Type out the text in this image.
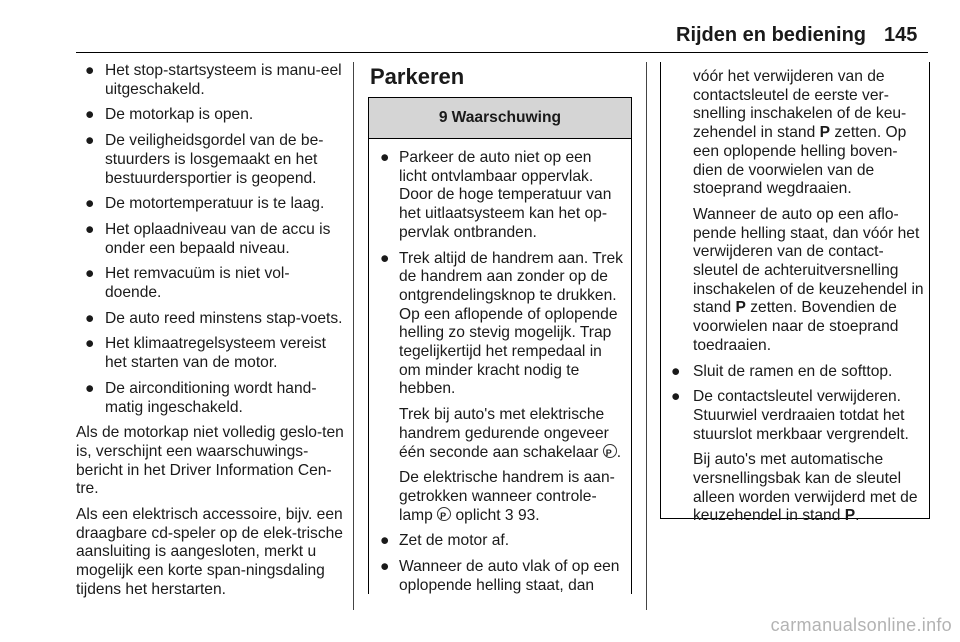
Rijden en bediening 145
● Het stop-startsysteem is manu-eel uitgeschakeld.
● De motorkap is open.
● De veiligheidsgordel van de be-stuurders is losgemaakt en het bestuurdersportier is geopend.
● De motortemperatuur is te laag.
● Het oplaadniveau van de accu is onder een bepaald niveau.
● Het remvacuüm is niet vol-doende.
● De auto reed minstens stap-voets.
● Het klimaatregelsysteem vereist het starten van de motor.
● De airconditioning wordt hand-matig ingeschakeld.

Als de motorkap niet volledig geslo-ten is, verschijnt een waarschuwings-bericht in het Driver Information Cen-tre.

Als een elektrisch accessoire, bijv. een draagbare cd-speler op de elek-trische aansluiting is aangesloten, merkt u mogelijk een korte span-ningsdaling tijdens het herstarten.

Parkeren
9 Waarschuwing
● Parkeer de auto niet op een licht ontvlambaar oppervlak. Door de hoge temperatuur van het uitlaatsysteem kan het op-pervlak ontbranden.
● Trek altijd de handrem aan. Trek de handrem aan zonder op de ontgrendelingsknop te drukken. Op een aflopende of oplopende helling zo stevig mogelijk. Trap tegelijkertijd het rempedaal in om minder kracht nodig te hebben.

Trek bij auto's met elektrische handrem gedurende ongeveer één seconde aan schakelaar P .

De elektrische handrem is aan-getrokken wanneer controle-lamp P oplicht 3 93.

● Zet de motor af.
● Wanneer de auto vlak of op een oplopende helling staat, dan

vóór het verwijderen van de contactsleutel de eerste ver-snelling inschakelen of de keu-zehendel in stand P zetten. Op een oplopende helling boven-dien de voorwielen van de stoeprand wegdraaien.

Wanneer de auto op een aflo-pende helling staat, dan vóór het verwijderen van de contact-sleutel de achteruitversnelling inschakelen of de keuzehendel in stand P zetten. Bovendien de voorwielen naar de stoeprand toedraaien.

● Sluit de ramen en de softtop.
● De contactsleutel verwijderen. Stuurwiel verdraaien totdat het stuurslot merkbaar vergrendelt.

Bij auto's met automatische versnellingsbak kan de sleutel alleen worden verwijderd met de keuzehendel in stand P.

carmanualsonline.info
